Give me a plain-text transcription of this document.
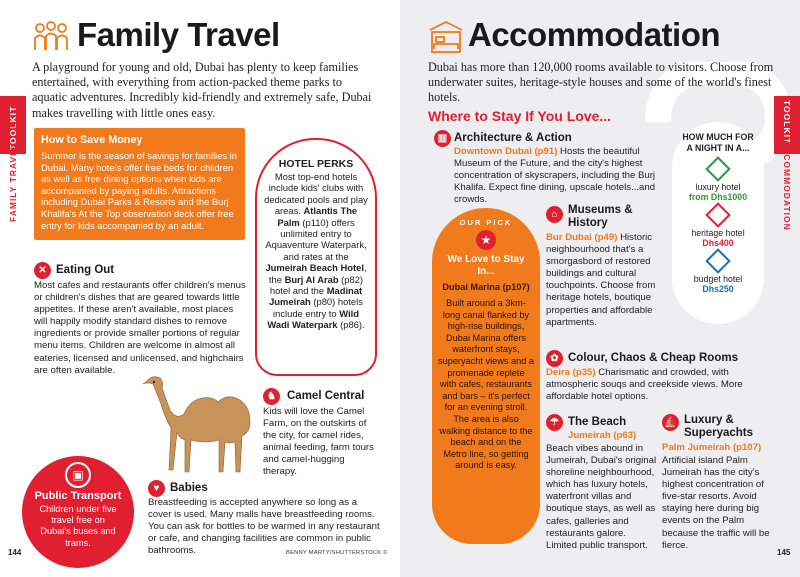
TOOLKIT
FAMILY TRAVEL
Family Travel
A playground for young and old, Dubai has plenty to keep families entertained, with everything from action-packed theme parks to aquatic adventures. Incredibly kid-friendly and extremely safe, Dubai makes travelling with little ones easy.
How to Save Money
Summer is the season of savings for families in Dubai. Many hotels offer free beds for children as well as free dining options when kids are accompanied by paying adults. Attractions including Dubai Parks & Resorts and the Burj Khalifa's At the Top observation deck offer free entry for kids accompanied by an adult.
HOTEL PERKS
Most top-end hotels include kids' clubs with dedicated pools and play areas. Atlantis The Palm (p110) offers unlimited entry to Aquaventure Waterpark, and rates at the Jumeirah Beach Hotel, the Burj Al Arab (p82) hotel and the Madinat Jumeirah (p80) hotels include entry to Wild Wadi Waterpark (p86).
✕ Eating Out
Most cafes and restaurants offer children's menus or children's dishes that are geared towards little appetites. If these aren't available, most places will happily modify standard dishes to remove ingredients or provide smaller portions of regular menu items. Children are welcome in almost all eateries, licensed and unlicensed, and highchairs are often available.
♞ Camel Central
Kids will love the Camel Farm, on the outskirts of the city, for camel rides, animal feeding, farm tours and camel-hugging therapy.
▣
Public Transport
Children under five travel free on Dubai's buses and trams.
♥ Babies
Breastfeeding is accepted anywhere so long as a cover is used. Many malls have breastfeeding rooms. You can ask for bottles to be warmed in any restaurant or cafe, and changing facilities are common in public bathrooms.
144	BENNY MARTY/SHUTTERSTOCK ©
TOOLKIT
ACCOMMODATION
Accommodation
Dubai has more than 120,000 rooms available to visitors. Choose from underwater suites, heritage-style houses and some of the world's finest hotels.
Where to Stay If You Love...
▥ Architecture & Action
Downtown Dubai (p91) Hosts the beautiful Museum of the Future, and the city's highest concentration of skyscrapers, including the Burj Khalifa. Expect fine dining, upscale hotels...and crowds.
HOW MUCH FOR A NIGHT IN A...
luxury hotel
from Dhs1000
heritage hotel
Dhs400
budget hotel
Dhs250
OUR PICK
★
We Love to Stay In...
Dubai Marina (p107)
Built around a 3km-long canal flanked by high-rise buildings, Dubai Marina offers waterfront stays, superyacht views and a promenade replete with cafes, restaurants and bars – it's perfect for an evening stroll. The area is also walking distance to the beach and on the Metro line, so getting around is easy.
⌂ Museums & History
Bur Dubai (p49) Historic neighbourhood that's a smorgasbord of restored buildings and cultural touchpoints. Choose from heritage hotels, boutique properties and affordable apartments.
✿ Colour, Chaos & Cheap Rooms
Deira (p35) Charismatic and crowded, with atmospheric souqs and creekside views. More affordable hotel options.
☂ The Beach
Jumeirah (p63)
Beach vibes abound in Jumeirah, Dubai's original shoreline neighbourhood, which has luxury hotels, waterfront villas and boutique stays, as well as cafes, galleries and restaurants galore. Limited public transport.
⛵ Luxury & Superyachts
Palm Jumeirah (p107)
Artificial island Palm Jumeirah has the city's highest concentration of five-star resorts. Avoid staying here during big events on the Palm because the traffic will be fierce.
145
